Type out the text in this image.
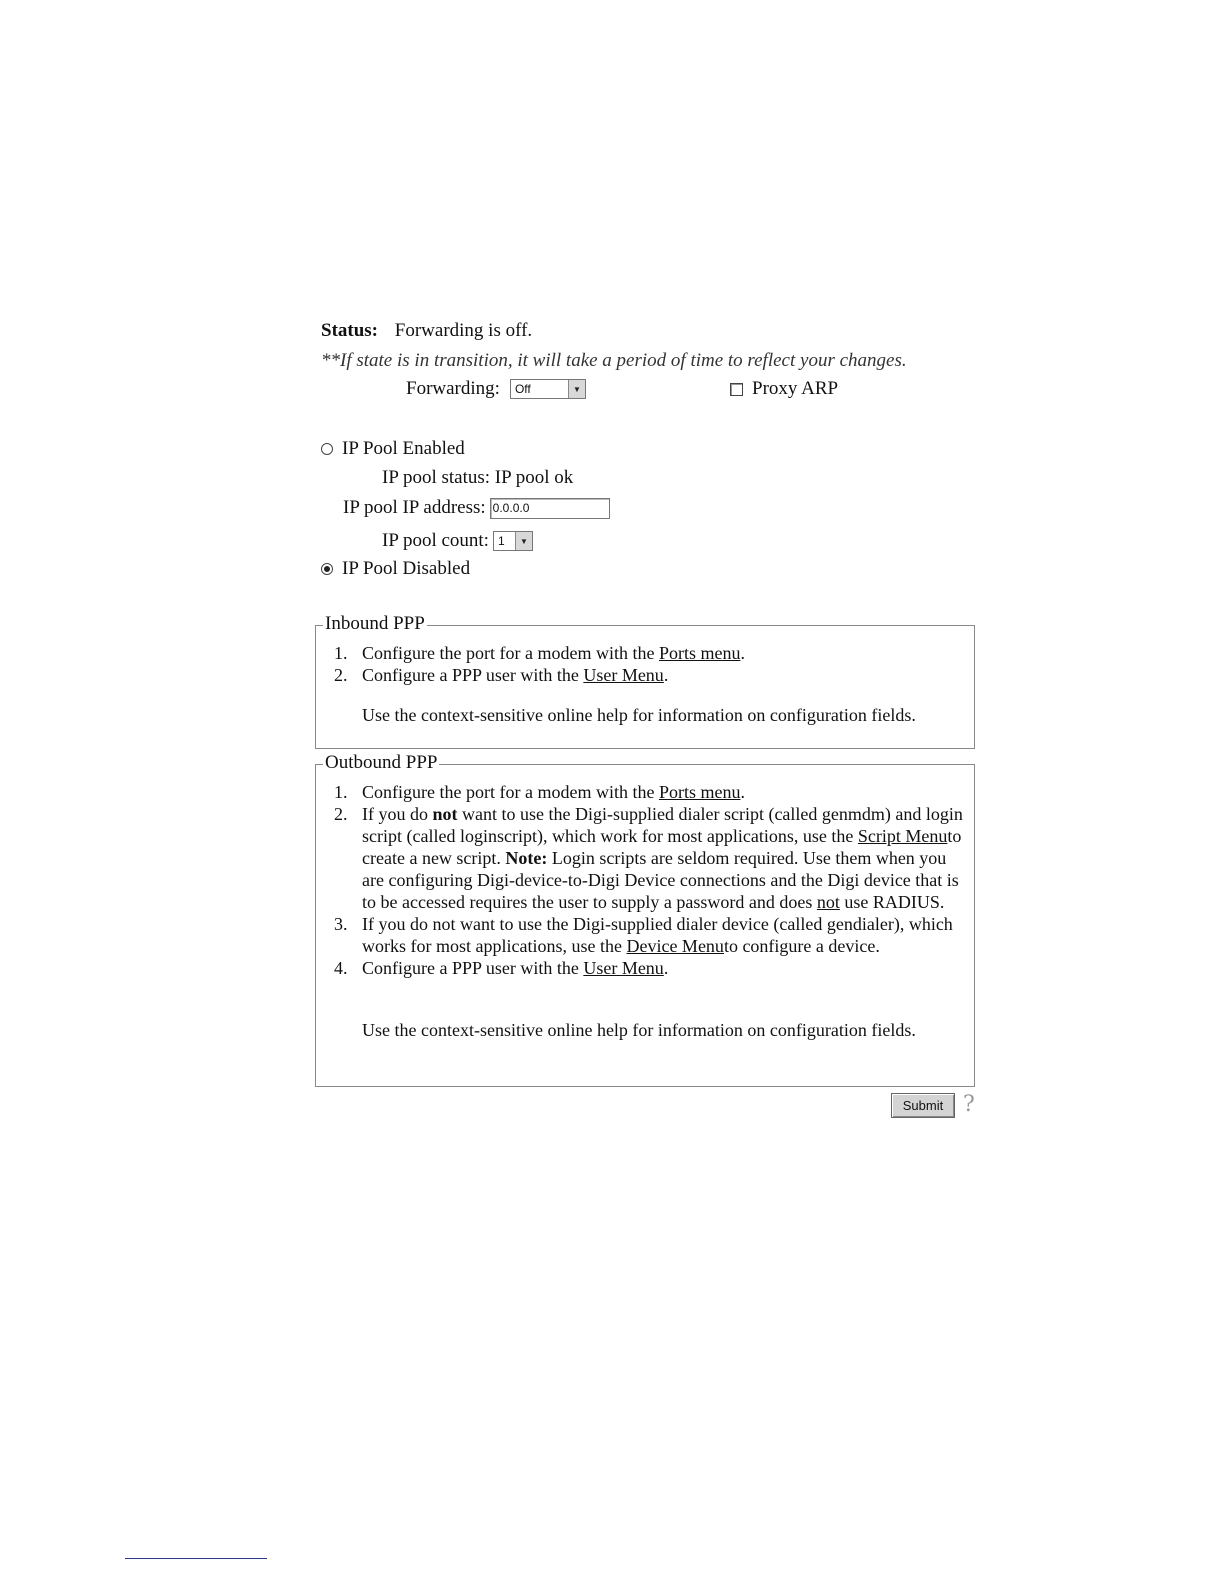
Status: Forwarding is off.
**If state is in transition, it will take a period of time to reflect your changes.
Forwarding: Off	▼	Proxy ARP
IP Pool Enabled
IP pool status: IP pool ok
IP pool IP address: 0.0.0.0
IP pool count: 1	▼
IP Pool Disabled
Inbound PPP
1. Configure the port for a modem with the Ports menu.
2. Configure a PPP user with the User Menu.
Use the context-sensitive online help for information on configuration fields.
Outbound PPP
1. Configure the port for a modem with the Ports menu.
2. If you do not want to use the Digi-supplied dialer script (called genmdm) and login script (called loginscript), which work for most applications, use the Script Menuto create a new script. Note: Login scripts are seldom required. Use them when you are configuring Digi-device-to-Digi Device connections and the Digi device that is to be accessed requires the user to supply a password and does not use RADIUS.
3. If you do not want to use the Digi-supplied dialer device (called gendialer), which works for most applications, use the Device Menuto configure a device.
4. Configure a PPP user with the User Menu.
Use the context-sensitive online help for information on configuration fields.
Submit ?
